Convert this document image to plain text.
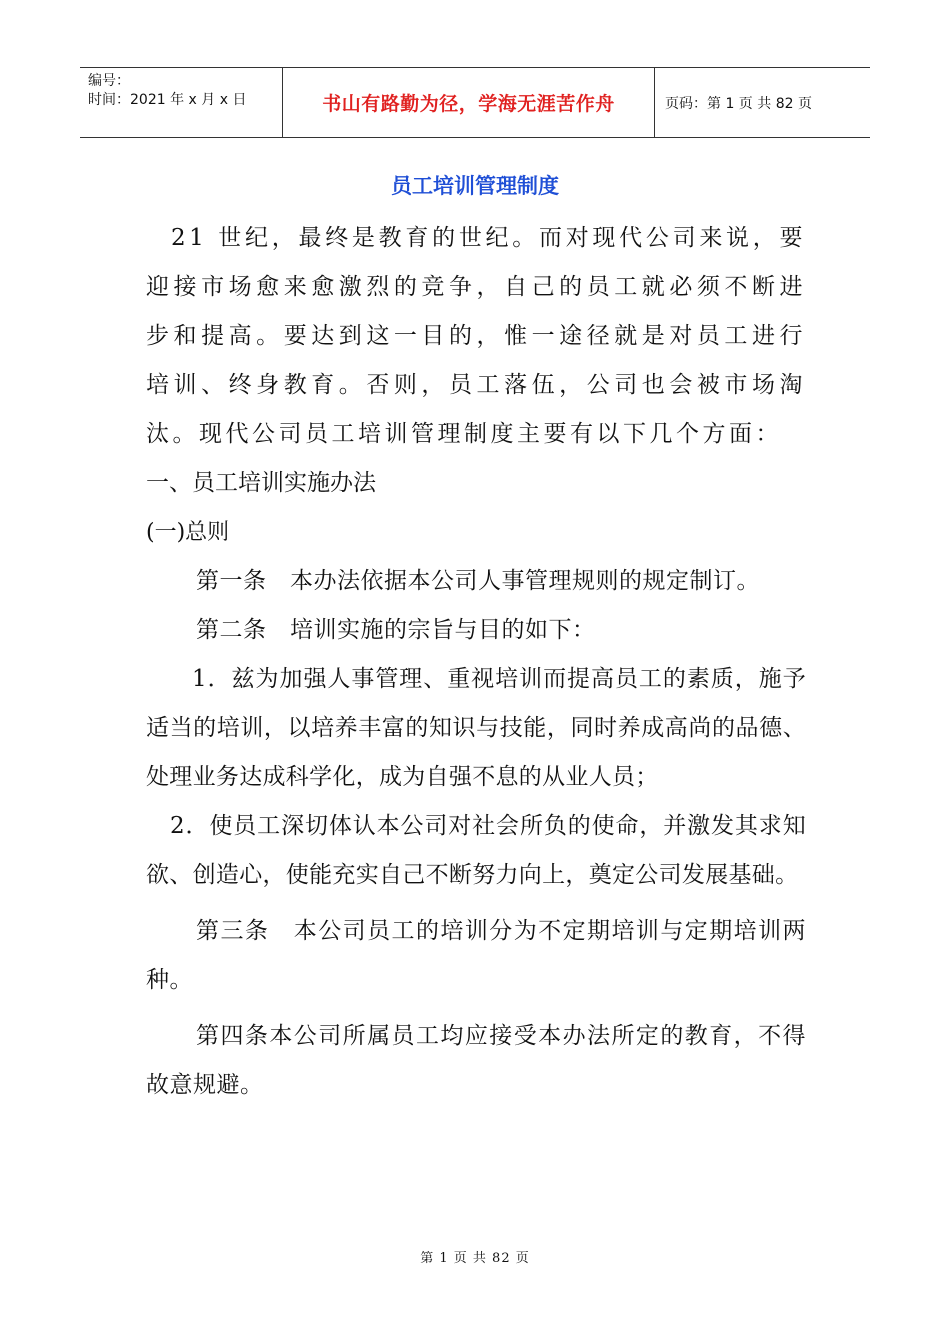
编号：
时间：2021 年 x 月 x 日	书山有路勤为径，学海无涯苦作舟	页码：第 1 页 共 82 页
员工培训管理制度

21 世纪，最终是教育的世纪。而对现代公司来说，要迎接市场愈来愈激烈的竞争，自己的员工就必须不断进步和提高。要达到这一目的，惟一途径就是对员工进行培训、终身教育。否则，员工落伍，公司也会被市场淘汰。现代公司员工培训管理制度主要有以下几个方面：

一、员工培训实施办法

(一)总则

第一条　本办法依据本公司人事管理规则的规定制订。

第二条　培训实施的宗旨与目的如下：

1．兹为加强人事管理、重视培训而提高员工的素质，施予适当的培训，以培养丰富的知识与技能，同时养成高尚的品德、处理业务达成科学化，成为自强不息的从业人员；

2．使员工深切体认本公司对社会所负的使命，并激发其求知欲、创造心，使能充实自己不断努力向上，奠定公司发展基础。

第三条　本公司员工的培训分为不定期培训与定期培训两种。

第四条本公司所属员工均应接受本办法所定的教育，不得故意规避。

第 1 页 共 82 页
